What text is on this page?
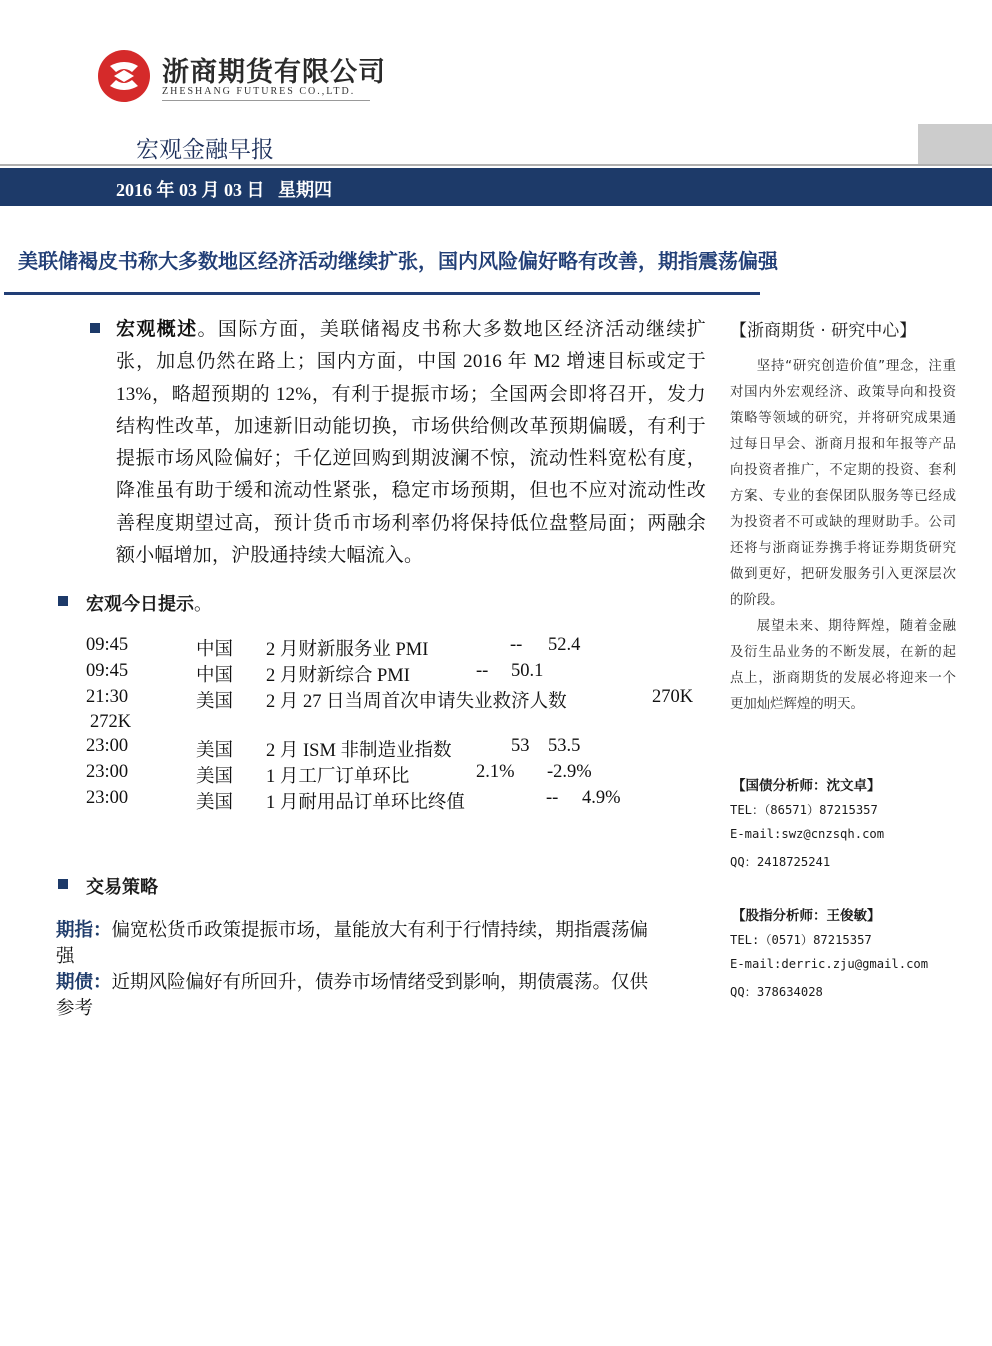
浙商期货有限公司
ZHESHANG FUTURES CO.,LTD.
宏观金融早报
2016 年 03 月 03 日 星期四
美联储褐皮书称大多数地区经济活动继续扩张，国内风险偏好略有改善，期指震荡偏强
宏观概述。国际方面，美联储褐皮书称大多数地区经济活动继续扩张，加息仍然在路上；国内方面，中国 2016 年 M2 增速目标或定于13%，略超预期的 12%，有利于提振市场；全国两会即将召开，发力结构性改革，加速新旧动能切换，市场供给侧改革预期偏暖，有利于提振市场风险偏好；千亿逆回购到期波澜不惊，流动性料宽松有度，降准虽有助于缓和流动性紧张，稳定市场预期，但也不应对流动性改善程度期望过高，预计货币市场利率仍将保持低位盘整局面；两融余额小幅增加，沪股通持续大幅流入。
宏观今日提示。
09:45	中国 2 月财新服务业 PMI	-- 52.4
09:45	中国 2 月财新综合 PMI	-- 50.1
21:30	美国 2 月 27 日当周首次申请失业救济人数	270K
272K
23:00	美国 2 月 ISM 非制造业指数	53 53.5
23:00	美国 1 月工厂订单环比	2.1% -2.9%
23:00	美国 1 月耐用品订单环比终值	-- 4.9%
交易策略
期指：偏宽松货币政策提振市场，量能放大有利于行情持续，期指震荡偏
强
期债：近期风险偏好有所回升，债券市场情绪受到影响，期债震荡。仅供
参考
【浙商期货 · 研究中心】
坚持“研究创造价值”理念，注重对国内外宏观经济、政策导向和投资策略等领域的研究，并将研究成果通过每日早会、浙商月报和年报等产品向投资者推广，不定期的投资、套利方案、专业的套保团队服务等已经成为投资者不可或缺的理财助手。公司还将与浙商证券携手将证券期货研究做到更好，把研发服务引入更深层次的阶段。
展望未来、期待辉煌，随着金融及衍生品业务的不断发展，在新的起点上，浙商期货的发展必将迎来一个更加灿烂辉煌的明天。
【国债分析师：沈文卓】
TEL：（86571）87215357
E-mail:swz@cnzsqh.com
QQ：2418725241
【股指分析师：王俊敏】
TEL:（0571）87215357
E-mail:derric.zju@gmail.com
QQ：378634028
